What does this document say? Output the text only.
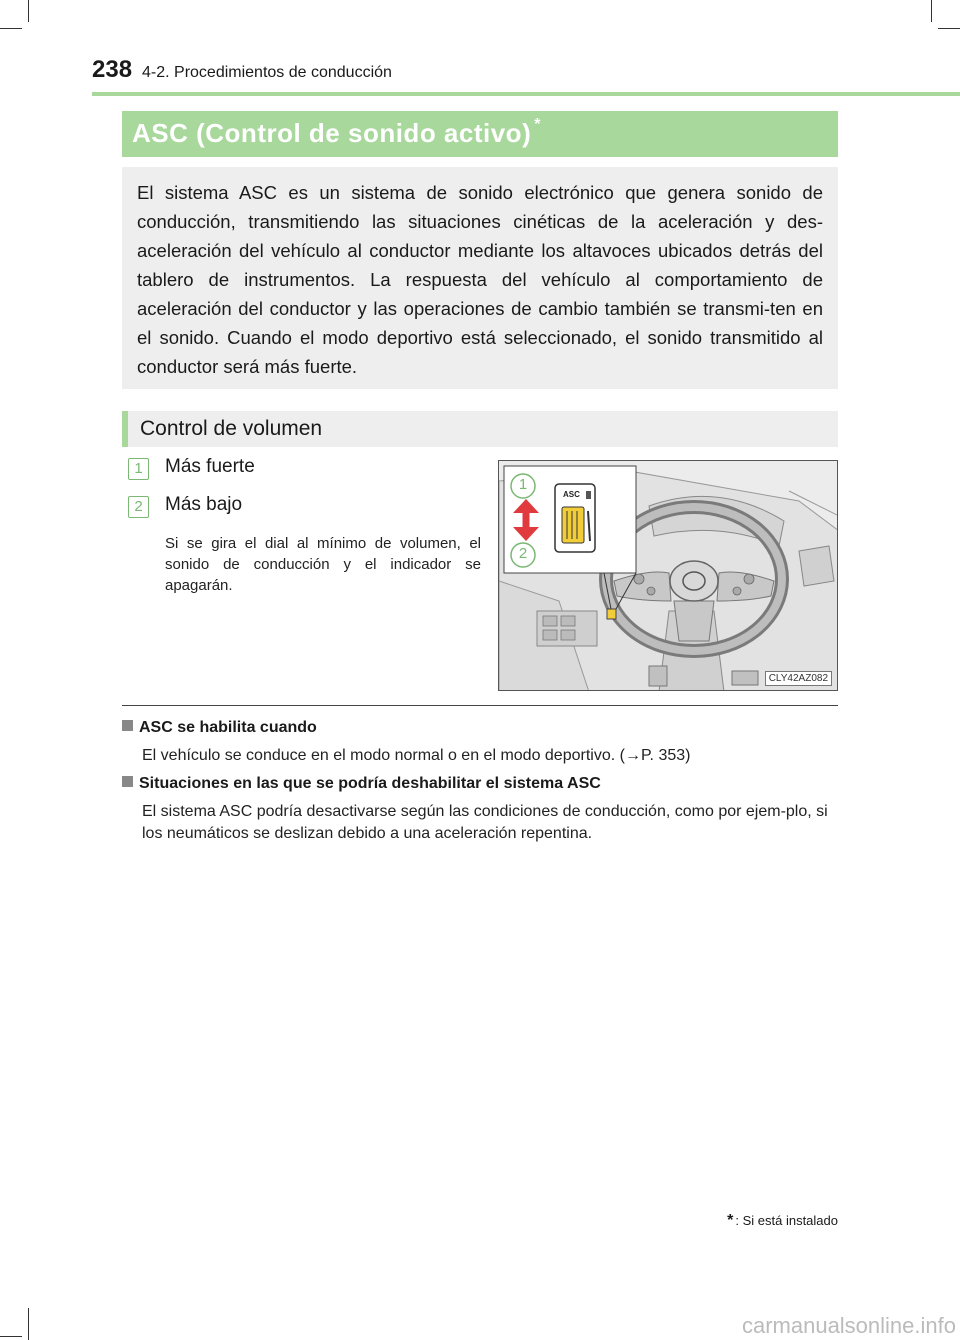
238 4-2. Procedimientos de conducción
ASC (Control de sonido activo) *

El sistema ASC es un sistema de sonido electrónico que genera sonido de conducción, transmitiendo las situaciones cinéticas de la aceleración y des-aceleración del vehículo al conductor mediante los altavoces ubicados detrás del tablero de instrumentos. La respuesta del vehículo al comportamiento de aceleración del conductor y las operaciones de cambio también se transmi-ten en el sonido. Cuando el modo deportivo está seleccionado, el sonido transmitido al conductor será más fuerte.

Control de volumen
1	Más fuerte
2	Más bajo

Si se gira el dial al mínimo de volumen, el sonido de conducción y el indicador se apagarán.

ASC
1
2
CLY42AZ082
ASC se habilita cuando

El vehículo se conduce en el modo normal o en el modo deportivo. (→P. 353)

Situaciones en las que se podría deshabilitar el sistema ASC

El sistema ASC podría desactivarse según las condiciones de conducción, como por ejem-plo, si los neumáticos se deslizan debido a una aceleración repentina.

* : Si está instalado
carmanualsonline.info
